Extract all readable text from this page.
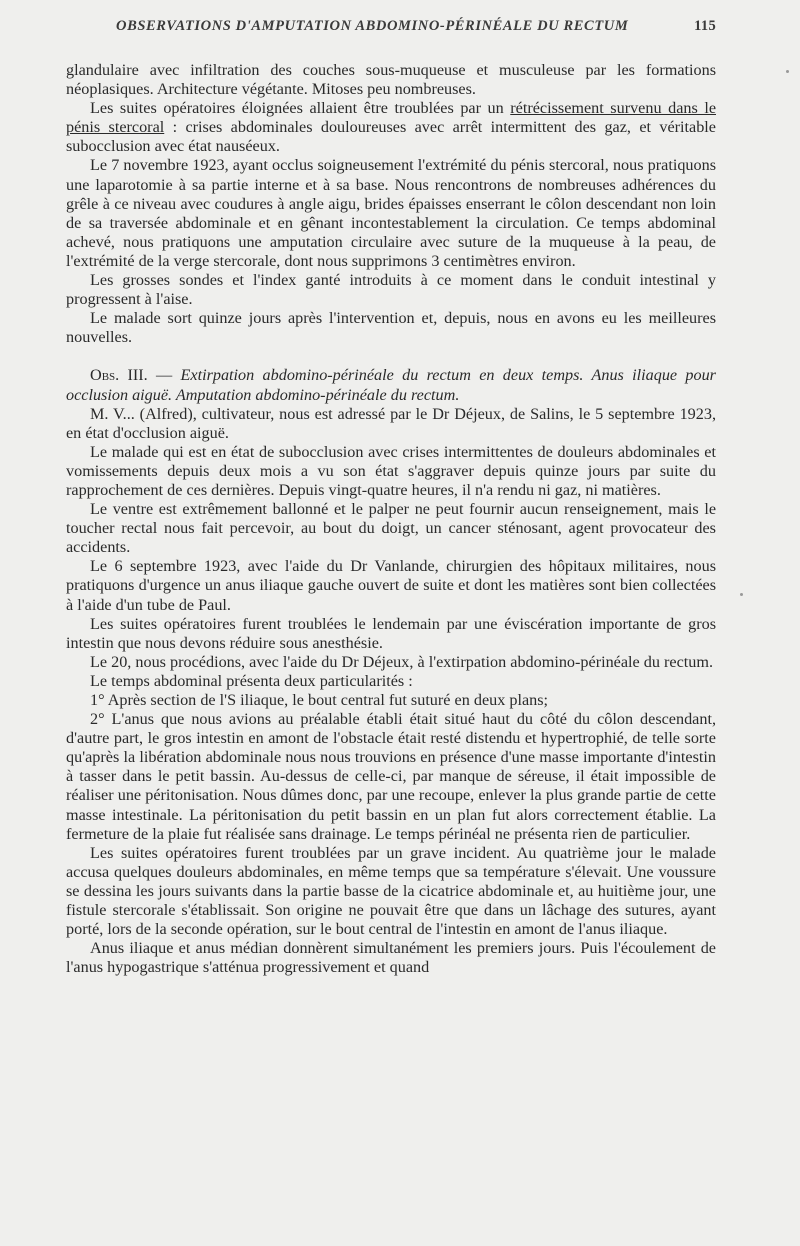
OBSERVATIONS D'AMPUTATION ABDOMINO-PÉRINÉALE DU RECTUM	115

glandulaire avec infiltration des couches sous-muqueuse et musculeuse par les formations néoplasiques. Architecture végétante. Mitoses peu nombreuses.

Les suites opératoires éloignées allaient être troublées par un rétrécissement survenu dans le pénis stercoral : crises abdominales douloureuses avec arrêt intermittent des gaz, et véritable subocclusion avec état nauséeux.

Le 7 novembre 1923, ayant occlus soigneusement l'extrémité du pénis stercoral, nous pratiquons une laparotomie à sa partie interne et à sa base. Nous rencontrons de nombreuses adhérences du grêle à ce niveau avec coudures à angle aigu, brides épaisses enserrant le côlon descendant non loin de sa traversée abdominale et en gênant incontestablement la circulation. Ce temps abdominal achevé, nous pratiquons une amputation circulaire avec suture de la muqueuse à la peau, de l'extrémité de la verge stercorale, dont nous supprimons 3 centimètres environ.

Les grosses sondes et l'index ganté introduits à ce moment dans le conduit intestinal y progressent à l'aise.

Le malade sort quinze jours après l'intervention et, depuis, nous en avons eu les meilleures nouvelles.

Obs. III. — Extirpation abdomino-périnéale du rectum en deux temps. Anus iliaque pour occlusion aiguë. Amputation abdomino-périnéale du rectum.

M. V... (Alfred), cultivateur, nous est adressé par le Dr Déjeux, de Salins, le 5 septembre 1923, en état d'occlusion aiguë.

Le malade qui est en état de subocclusion avec crises intermittentes de douleurs abdominales et vomissements depuis deux mois a vu son état s'aggraver depuis quinze jours par suite du rapprochement de ces dernières. Depuis vingt-quatre heures, il n'a rendu ni gaz, ni matières.

Le ventre est extrêmement ballonné et le palper ne peut fournir aucun renseignement, mais le toucher rectal nous fait percevoir, au bout du doigt, un cancer sténosant, agent provocateur des accidents.

Le 6 septembre 1923, avec l'aide du Dr Vanlande, chirurgien des hôpitaux militaires, nous pratiquons d'urgence un anus iliaque gauche ouvert de suite et dont les matières sont bien collectées à l'aide d'un tube de Paul.

Les suites opératoires furent troublées le lendemain par une éviscération importante de gros intestin que nous devons réduire sous anesthésie.

Le 20, nous procédions, avec l'aide du Dr Déjeux, à l'extirpation abdomino-périnéale du rectum.

Le temps abdominal présenta deux particularités :

1° Après section de l'S iliaque, le bout central fut suturé en deux plans;

2° L'anus que nous avions au préalable établi était situé haut du côté du côlon descendant, d'autre part, le gros intestin en amont de l'obstacle était resté distendu et hypertrophié, de telle sorte qu'après la libération abdominale nous nous trouvions en présence d'une masse importante d'intestin à tasser dans le petit bassin. Au-dessus de celle-ci, par manque de séreuse, il était impossible de réaliser une péritonisation. Nous dûmes donc, par une recoupe, enlever la plus grande partie de cette masse intestinale. La péritonisation du petit bassin en un plan fut alors correctement établie. La fermeture de la plaie fut réalisée sans drainage. Le temps périnéal ne présenta rien de particulier.

Les suites opératoires furent troublées par un grave incident. Au quatrième jour le malade accusa quelques douleurs abdominales, en même temps que sa température s'élevait. Une voussure se dessina les jours suivants dans la partie basse de la cicatrice abdominale et, au huitième jour, une fistule stercorale s'établissait. Son origine ne pouvait être que dans un lâchage des sutures, ayant porté, lors de la seconde opération, sur le bout central de l'intestin en amont de l'anus iliaque.

Anus iliaque et anus médian donnèrent simultanément les premiers jours. Puis l'écoulement de l'anus hypogastrique s'atténua progressivement et quand
